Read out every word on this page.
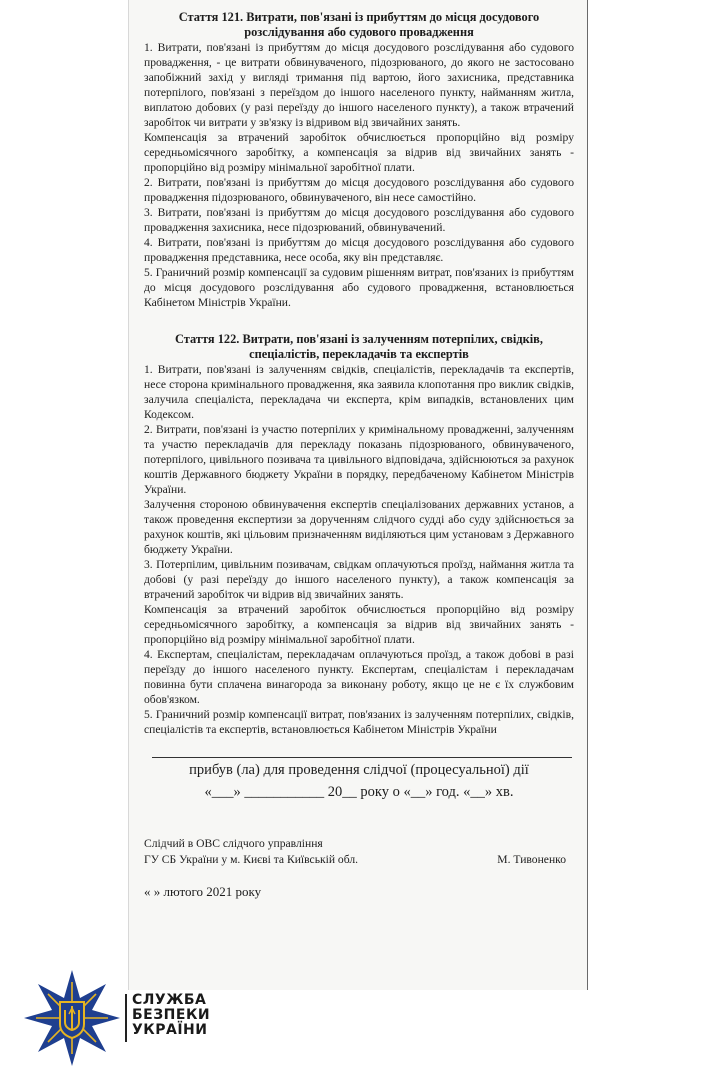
Стаття 121. Витрати, пов'язані із прибуттям до місця досудового

розслідування або судового провадження

1. Витрати, пов'язані із прибуттям до місця досудового розслідування або судового провадження, - це витрати обвинуваченого, підозрюваного, до якого не застосовано запобіжний захід у вигляді тримання під вартою, його захисника, представника потерпілого, пов'язані з переїздом до іншого населеного пункту, найманням житла, виплатою добових (у разі переїзду до іншого населеного пункту), а також втрачений заробіток чи витрати у зв'язку із відривом від звичайних занять.

Компенсація за втрачений заробіток обчислюється пропорційно від розміру середньомісячного заробітку, а компенсація за відрив від звичайних занять - пропорційно від розміру мінімальної заробітної плати.

2. Витрати, пов'язані із прибуттям до місця досудового розслідування або судового провадження підозрюваного, обвинуваченого, він несе самостійно.

3. Витрати, пов'язані із прибуттям до місця досудового розслідування або судового провадження захисника, несе підозрюваний, обвинувачений.

4. Витрати, пов'язані із прибуттям до місця досудового розслідування або судового провадження представника, несе особа, яку він представляє.

5. Граничний розмір компенсації за судовим рішенням витрат, пов'язаних із прибуттям до місця досудового розслідування або судового провадження, встановлюється Кабінетом Міністрів України.

Стаття 122. Витрати, пов'язані із залученням потерпілих, свідків,

спеціалістів, перекладачів та експертів

1. Витрати, пов'язані із залученням свідків, спеціалістів, перекладачів та експертів, несе сторона кримінального провадження, яка заявила клопотання про виклик свідків, залучила спеціаліста, перекладача чи експерта, крім випадків, встановлених цим Кодексом.

2. Витрати, пов'язані із участю потерпілих у кримінальному провадженні, залученням та участю перекладачів для перекладу показань підозрюваного, обвинуваченого, потерпілого, цивільного позивача та цивільного відповідача, здійснюються за рахунок коштів Державного бюджету України в порядку, передбаченому Кабінетом Міністрів України.

Залучення стороною обвинувачення експертів спеціалізованих державних установ, а також проведення експертизи за дорученням слідчого судді або суду здійснюється за рахунок коштів, які цільовим призначенням виділяються цим установам з Державного бюджету України.

3. Потерпілим, цивільним позивачам, свідкам оплачуються проїзд, наймання житла та добові (у разі переїзду до іншого населеного пункту), а також компенсація за втрачений заробіток чи відрив від звичайних занять.

Компенсація за втрачений заробіток обчислюється пропорційно від розміру середньомісячного заробітку, а компенсація за відрив від звичайних занять - пропорційно від розміру мінімальної заробітної плати.

4. Експертам, спеціалістам, перекладачам оплачуються проїзд, а також добові в разі переїзду до іншого населеного пункту. Експертам, спеціалістам і перекладачам повинна бути сплачена винагорода за виконану роботу, якщо це не є їх службовим обов'язком.

5. Граничний розмір компенсації витрат, пов'язаних із залученням потерпілих, свідків, спеціалістів та експертів, встановлюється Кабінетом Міністрів України

прибув (ла) для проведення слідчої (процесуальної) дії

«___» ___________ 20__ року о «__» год. «__» хв.

Слідчий в ОВС слідчого управління
ГУ СБ України у м. Києві та Київській обл.	М. Тивоненко
« » лютого 2021 року
СЛУЖБА
БЕЗПЕКИ
УКРАЇНИ
